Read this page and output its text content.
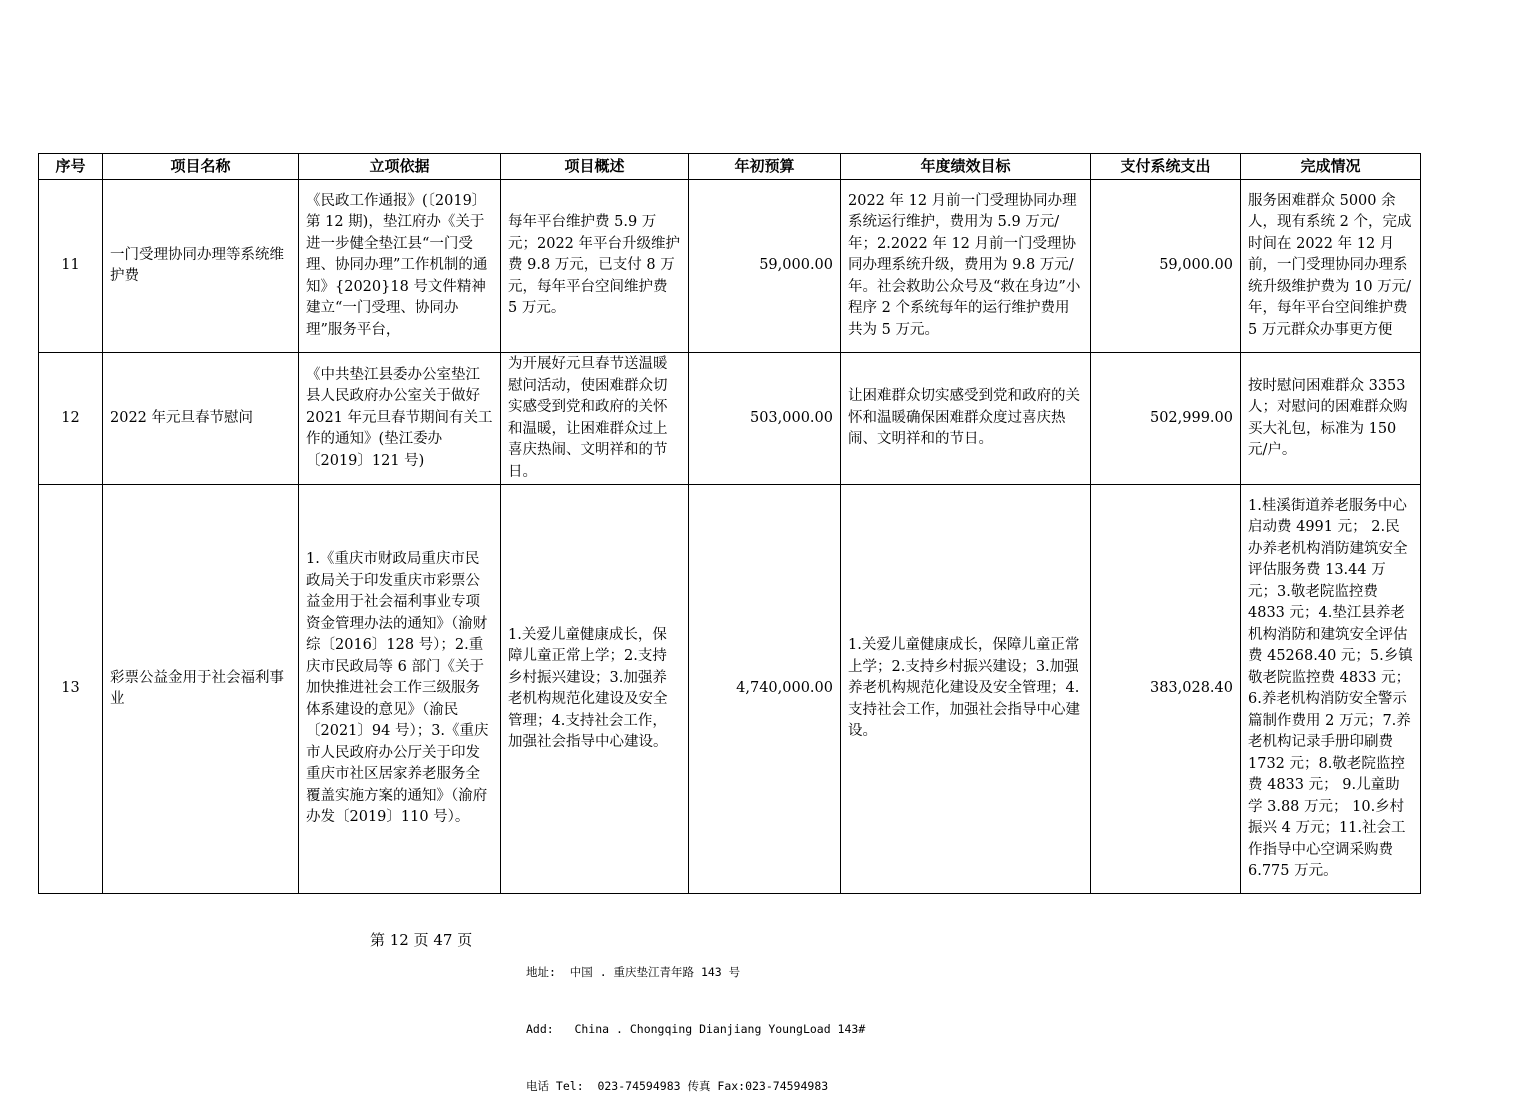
序号	项目名称	立项依据	项目概述	年初预算	年度绩效目标	支付系统支出	完成情况
11	一门受理协同办理等系统维护费	《民政工作通报》(〔2019〕第 12 期)，垫江府办《关于进一步健全垫江县“一门受理、协同办理”工作机制的通知》{2020}18 号文件精神建立“一门受理、协同办理”服务平台，	每年平台维护费 5.9 万元；2022 年平台升级维护费 9.8 万元，已支付 8 万元，每年平台空间维护费 5 万元。	59,000.00	2022 年 12 月前一门受理协同办理系统运行维护，费用为 5.9 万元/年；2.2022 年 12 月前一门受理协同办理系统升级，费用为 9.8 万元/年。社会救助公众号及“救在身边”小程序 2 个系统每年的运行维护费用共为 5 万元。	59,000.00	服务困难群众 5000 余人，现有系统 2 个，完成时间在 2022 年 12 月前，一门受理协同办理系统升级维护费为 10 万元/年，每年平台空间维护费 5 万元群众办事更方便
12	2022 年元旦春节慰问	《中共垫江县委办公室垫江县人民政府办公室关于做好 2021 年元旦春节期间有关工作的通知》(垫江委办〔2019〕121 号)	为开展好元旦春节送温暖慰问活动，使困难群众切实感受到党和政府的关怀和温暖，让困难群众过上喜庆热闹、文明祥和的节日。	503,000.00	让困难群众切实感受到党和政府的关怀和温暖确保困难群众度过喜庆热闹、文明祥和的节日。	502,999.00	按时慰问困难群众 3353 人；对慰问的困难群众购买大礼包，标准为 150 元/户。
13	彩票公益金用于社会福利事业	1.《重庆市财政局重庆市民政局关于印发重庆市彩票公益金用于社会福利事业专项资金管理办法的通知》（渝财综〔2016〕128 号）；2.重庆市民政局等 6 部门《关于加快推进社会工作三级服务体系建设的意见》（渝民〔2021〕94 号）；3.《重庆市人民政府办公厅关于印发重庆市社区居家养老服务全覆盖实施方案的通知》（渝府办发〔2019〕110 号）。	1.关爱儿童健康成长，保障儿童正常上学；2.支持乡村振兴建设；3.加强养老机构规范化建设及安全管理；4.支持社会工作，加强社会指导中心建设。	4,740,000.00	1.关爱儿童健康成长，保障儿童正常上学；2.支持乡村振兴建设；3.加强养老机构规范化建设及安全管理；4.支持社会工作，加强社会指导中心建设。	383,028.40	1.桂溪街道养老服务中心启动费 4991 元； 2.民办养老机构消防建筑安全评估服务费 13.44 万元；3.敬老院监控费 4833 元；4.垫江县养老机构消防和建筑安全评估费 45268.40 元；5.乡镇敬老院监控费 4833 元；6.养老机构消防安全警示篇制作费用 2 万元；7.养老机构记录手册印刷费 1732 元；8.敬老院监控费 4833 元； 9.儿童助学 3.88 万元； 10.乡村振兴 4 万元；11.社会工作指导中心空调采购费 6.775 万元。
第 12 页 47 页

地址:  中国 . 重庆垫江青年路 143 号

Add:   China . Chongqing Dianjiang YoungLoad 143#

电话 Tel:  023-74594983 传真 Fax:023-74594983
